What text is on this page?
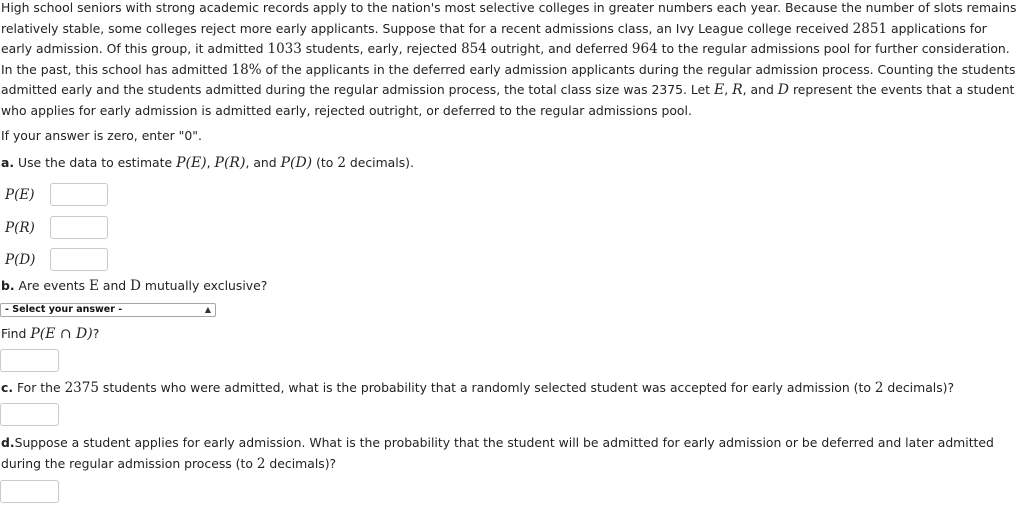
High school seniors with strong academic records apply to the nation's most selective colleges in greater numbers each year. Because the number of slots remains relatively stable, some colleges reject more early applicants. Suppose that for a recent admissions class, an Ivy League college received 2851 applications for early admission. Of this group, it admitted 1033 students, early, rejected 854 outright, and deferred 964 to the regular admissions pool for further consideration. In the past, this school has admitted 18% of the applicants in the deferred early admission applicants during the regular admission process. Counting the students admitted early and the students admitted during the regular admission process, the total class size was 2375. Let E, R, and D represent the events that a student who applies for early admission is admitted early, rejected outright, or deferred to the regular admissions pool.

If your answer is zero, enter "0".

a. Use the data to estimate P(E), P(R), and P(D) (to 2 decimals).

P(E)
P(R)
P(D)

b. Are events E and D mutually exclusive?

- Select your answer -	▲︎

Find P(E ∩ D)?

c. For the 2375 students who were admitted, what is the probability that a randomly selected student was accepted for early admission (to 2 decimals)?

d.Suppose a student applies for early admission. What is the probability that the student will be admitted for early admission or be deferred and later admitted during the regular admission process (to 2 decimals)?
